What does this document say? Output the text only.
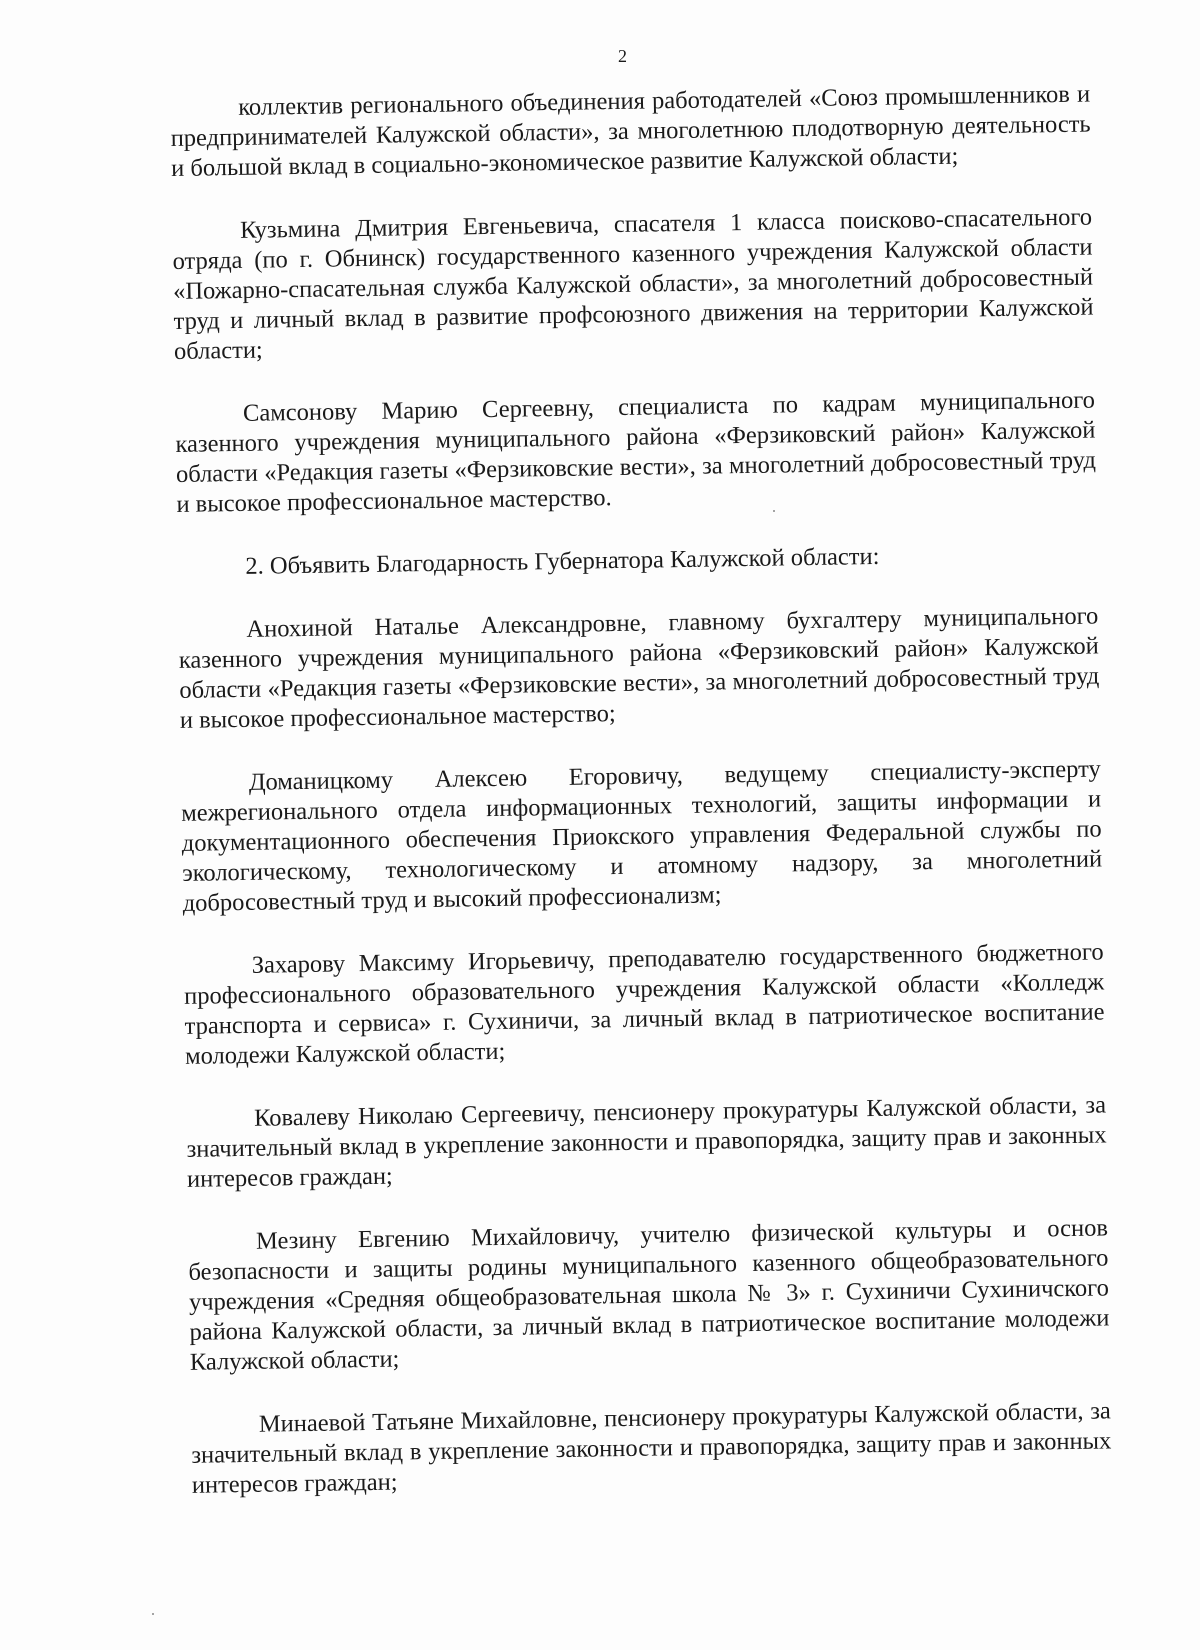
2

коллектив регионального объединения работодателей «Союз промышленников и предпринимателей Калужской области», за многолетнюю плодотворную деятельность и большой вклад в социально-экономическое развитие Калужской области;

Кузьмина Дмитрия Евгеньевича, спасателя 1 класса поисково-спасательного отряда (по г. Обнинск) государственного казенного учреждения Калужской области «Пожарно-спасательная служба Калужской области», за многолетний добросовестный труд и личный вклад в развитие профсоюзного движения на территории Калужской области;

Самсонову Марию Сергеевну, специалиста по кадрам муниципального казенного учреждения муниципального района «Ферзиковский район» Калужской области «Редакция газеты «Ферзиковские вести», за многолетний добросовестный труд и высокое профессиональное мастерство.

2. Объявить Благодарность Губернатора Калужской области:

Анохиной Наталье Александровне, главному бухгалтеру муниципального казенного учреждения муниципального района «Ферзиковский район» Калужской области «Редакция газеты «Ферзиковские вести», за многолетний добросовестный труд и высокое профессиональное мастерство;

Доманицкому Алексею Егоровичу, ведущему специалисту-эксперту межрегионального отдела информационных технологий, защиты информации и документационного обеспечения Приокского управления Федеральной службы по экологическому, технологическому и атомному надзору, за многолетний добросовестный труд и высокий профессионализм;

Захарову Максиму Игорьевичу, преподавателю государственного бюджетного профессионального образовательного учреждения Калужской области «Колледж транспорта и сервиса» г. Сухиничи, за личный вклад в патриотическое воспитание молодежи Калужской области;

Ковалеву Николаю Сергеевичу, пенсионеру прокуратуры Калужской области, за значительный вклад в укрепление законности и правопорядка, защиту прав и законных интересов граждан;

Мезину Евгению Михайловичу, учителю физической культуры и основ безопасности и защиты родины муниципального казенного общеобразовательного учреждения «Средняя общеобразовательная школа № 3» г. Сухиничи Сухиничского района Калужской области, за личный вклад в патриотическое воспитание молодежи Калужской области;

Минаевой Татьяне Михайловне, пенсионеру прокуратуры Калужской области, за значительный вклад в укрепление законности и правопорядка, защиту прав и законных интересов граждан;
